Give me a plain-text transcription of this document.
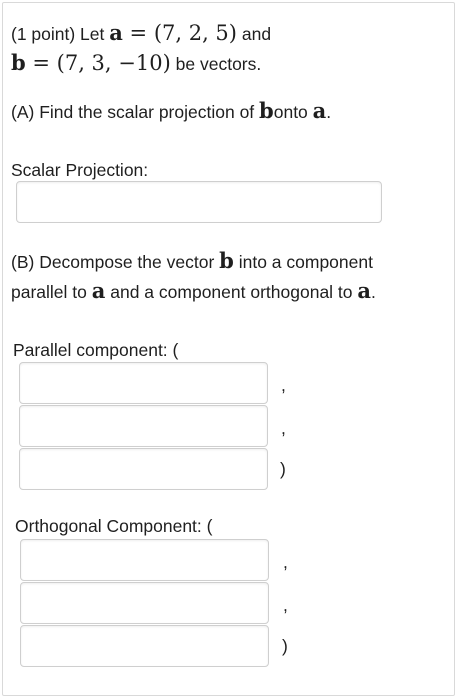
(1 point) Let a = (7, 2, 5) and
b = (7, 3, −10) be vectors.
(A) Find the scalar projection of bonto a.
Scalar Projection:
(B) Decompose the vector b into a component
parallel to a and a component orthogonal to a.
Parallel component: (
,
,
)
Orthogonal Component: (
,
,
)
